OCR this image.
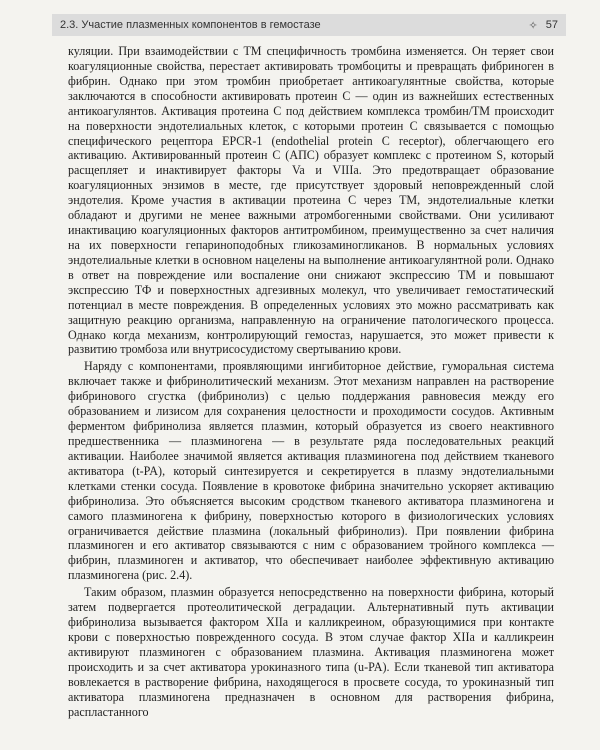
2.3. Участие плазменных компонентов в гемостазе	✧ 57

куляции. При взаимодействии с ТМ специфичность тромбина изменяется. Он теряет свои коагуляционные свойства, перестает активировать тромбоциты и превращать фибриноген в фибрин. Однако при этом тромбин приобретает антикоагулянтные свойства, которые заключаются в способности активировать протеин С — один из важнейших естественных антикоагулянтов. Активация протеина С под действием комплекса тромбин/ТМ происходит на поверхности эндотелиальных клеток, с которыми протеин С связывается с помощью специфического рецептора EPCR-1 (endothelial protein C receptor), облегчающего его активацию. Активированный протеин С (АПС) образует комплекс с протеином S, который расщепляет и инактивирует факторы Va и VIIIa. Это предотвращает образование коагуляционных энзимов в месте, где присутствует здоровый неповрежденный слой эндотелия. Кроме участия в активации протеина С через ТМ, эндотелиальные клетки обладают и другими не менее важными атромбогенными свойствами. Они усиливают инактивацию коагуляционных факторов антитромбином, преимущественно за счет наличия на их поверхности гепариноподобных гликозаминогликанов. В нормальных условиях эндотелиальные клетки в основном нацелены на выполнение антикоагулянтной роли. Однако в ответ на повреждение или воспаление они снижают экспрессию ТМ и повышают экспрессию ТФ и поверхностных адгезивных молекул, что увеличивает гемостатический потенциал в месте повреждения. В определенных условиях это можно рассматривать как защитную реакцию организма, направленную на ограничение патологического процесса. Однако когда механизм, контролирующий гемостаз, нарушается, это может привести к развитию тромбоза или внутрисосудистому свертыванию крови.

Наряду с компонентами, проявляющими ингибиторное действие, гуморальная система включает также и фибринолитический механизм. Этот механизм направлен на растворение фибринового сгустка (фибринолиз) с целью поддержания равновесия между его образованием и лизисом для сохранения целостности и проходимости сосудов. Активным ферментом фибринолиза является плазмин, который образуется из своего неактивного предшественника — плазминогена — в результате ряда последовательных реакций активации. Наиболее значимой является активация плазминогена под действием тканевого активатора (t-PA), который синтезируется и секретируется в плазму эндотелиальными клетками стенки сосуда. Появление в кровотоке фибрина значительно ускоряет активацию фибринолиза. Это объясняется высоким сродством тканевого активатора плазминогена и самого плазминогена к фибрину, поверхностью которого в физиологических условиях ограничивается действие плазмина (локальный фибринолиз). При появлении фибрина плазминоген и его активатор связываются с ним с образованием тройного комплекса — фибрин, плазминоген и активатор, что обеспечивает наиболее эффективную активацию плазминогена (рис. 2.4).

Таким образом, плазмин образуется непосредственно на поверхности фибрина, который затем подвергается протеолитической деградации. Альтернативный путь активации фибринолиза вызывается фактором XIIa и калликреином, образующимися при контакте крови с поверхностью поврежденного сосуда. В этом случае фактор XIIa и калликреин активируют плазминоген с образованием плазмина. Активация плазминогена может происходить и за счет активатора урокиназного типа (u-PA). Если тканевой тип активатора вовлекается в растворение фибрина, находящегося в просвете сосуда, то урокиназный тип активатора плазминогена предназначен в основном для растворения фибрина, распластанного
